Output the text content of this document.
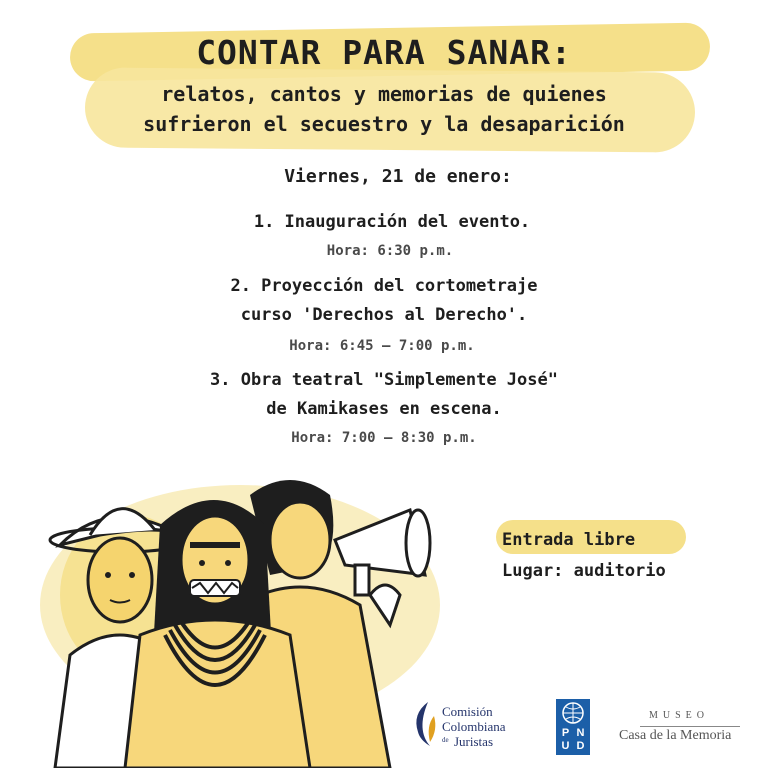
CONTAR PARA SANAR:
relatos, cantos y memorias de quienes
sufrieron el secuestro y la desaparición
Viernes, 21 de enero:
1. Inauguración del evento.
Hora: 6:30 p.m.
2. Proyección del cortometraje
curso 'Derechos al Derecho'.
Hora: 6:45 – 7:00 p.m.
3. Obra teatral "Simplemente José"
de Kamikases en escena.
Hora: 7:00 – 8:30 p.m.
Entrada libre
Lugar: auditorio
Comisión
Colombiana
de Juristas
P N
U D
MUSEO
Casa de la Memoria
